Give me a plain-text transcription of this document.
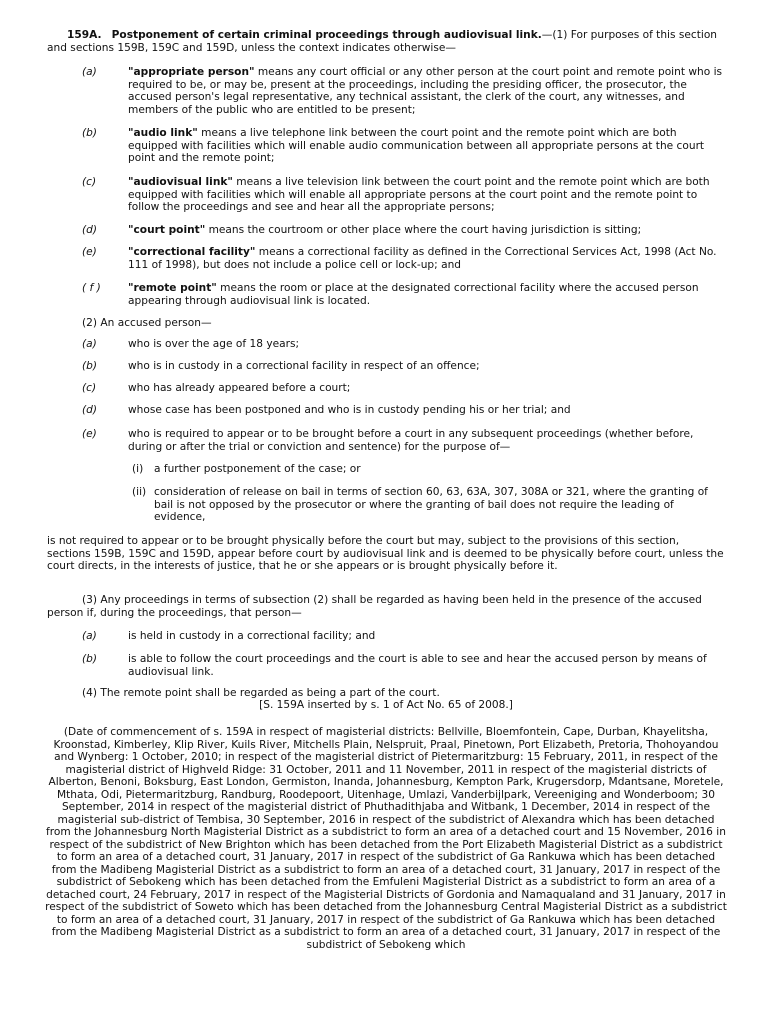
159A. Postponement of certain criminal proceedings through audiovisual link.—(1) For purposes of this section and sections 159B, 159C and 159D, unless the context indicates otherwise—
(a)	"appropriate person" means any court official or any other person at the court point and remote point who is required to be, or may be, present at the proceedings, including the presiding officer, the prosecutor, the accused person's legal representative, any technical assistant, the clerk of the court, any witnesses, and members of the public who are entitled to be present;
(b)	"audio link" means a live telephone link between the court point and the remote point which are both equipped with facilities which will enable audio communication between all appropriate persons at the court point and the remote point;
(c)	"audiovisual link" means a live television link between the court point and the remote point which are both equipped with facilities which will enable all appropriate persons at the court point and the remote point to follow the proceedings and see and hear all the appropriate persons;
(d)	"court point" means the courtroom or other place where the court having jurisdiction is sitting;
(e)	"correctional facility" means a correctional facility as defined in the Correctional Services Act, 1998 (Act No. 111 of 1998), but does not include a police cell or lock-up; and
( f )	"remote point" means the room or place at the designated correctional facility where the accused person appearing through audiovisual link is located.
(2) An accused person—
(a)	who is over the age of 18 years;
(b)	who is in custody in a correctional facility in respect of an offence;
(c)	who has already appeared before a court;
(d)	whose case has been postponed and who is in custody pending his or her trial; and
(e)	who is required to appear or to be brought before a court in any subsequent proceedings (whether before, during or after the trial or conviction and sentence) for the purpose of—
(i)	a further postponement of the case; or
(ii) consideration of release on bail in terms of section 60, 63, 63A, 307, 308A or 321, where the granting of bail is not opposed by the prosecutor or where the granting of bail does not require the leading of evidence,
is not required to appear or to be brought physically before the court but may, subject to the provisions of this section, sections 159B, 159C and 159D, appear before court by audiovisual link and is deemed to be physically before court, unless the court directs, in the interests of justice, that he or she appears or is brought physically before it.
(3) Any proceedings in terms of subsection (2) shall be regarded as having been held in the presence of the accused person if, during the proceedings, that person—
(a)	is held in custody in a correctional facility; and
(b)	is able to follow the court proceedings and the court is able to see and hear the accused person by means of audiovisual link.
(4) The remote point shall be regarded as being a part of the court.
[S. 159A inserted by s. 1 of Act No. 65 of 2008.]
(Date of commencement of s. 159A in respect of magisterial districts: Bellville, Bloemfontein, Cape, Durban, Khayelitsha, Kroonstad, Kimberley, Klip River, Kuils River, Mitchells Plain, Nelspruit, Praal, Pinetown, Port Elizabeth, Pretoria, Thohoyandou and Wynberg: 1 October, 2010; in respect of the magisterial district of Pietermaritzburg: 15 February, 2011, in respect of the magisterial district of Highveld Ridge: 31 October, 2011 and 11 November, 2011 in respect of the magisterial districts of Alberton, Benoni, Boksburg, East London, Germiston, Inanda, Johannesburg, Kempton Park, Krugersdorp, Mdantsane, Moretele, Mthata, Odi, Pietermaritzburg, Randburg, Roodepoort, Uitenhage, Umlazi, Vanderbijlpark, Vereeniging and Wonderboom; 30 September, 2014 in respect of the magisterial district of Phuthadithjaba and Witbank, 1 December, 2014 in respect of the magisterial sub-district of Tembisa, 30 September, 2016 in respect of the subdistrict of Alexandra which has been detached from the Johannesburg North Magisterial District as a subdistrict to form an area of a detached court and 15 November, 2016 in respect of the subdistrict of New Brighton which has been detached from the Port Elizabeth Magisterial District as a subdistrict to form an area of a detached court, 31 January, 2017 in respect of the subdistrict of Ga Rankuwa which has been detached from the Madibeng Magisterial District as a subdistrict to form an area of a detached court, 31 January, 2017 in respect of the subdistrict of Sebokeng which has been detached from the Emfuleni Magisterial District as a subdistrict to form an area of a detached court, 24 February, 2017 in respect of the Magisterial Districts of Gordonia and Namaqualand and 31 January, 2017 in respect of the subdistrict of Soweto which has been detached from the Johannesburg Central Magisterial District as a subdistrict to form an area of a detached court, 31 January, 2017 in respect of the subdistrict of Ga Rankuwa which has been detached from the Madibeng Magisterial District as a subdistrict to form an area of a detached court, 31 January, 2017 in respect of the subdistrict of Sebokeng which
